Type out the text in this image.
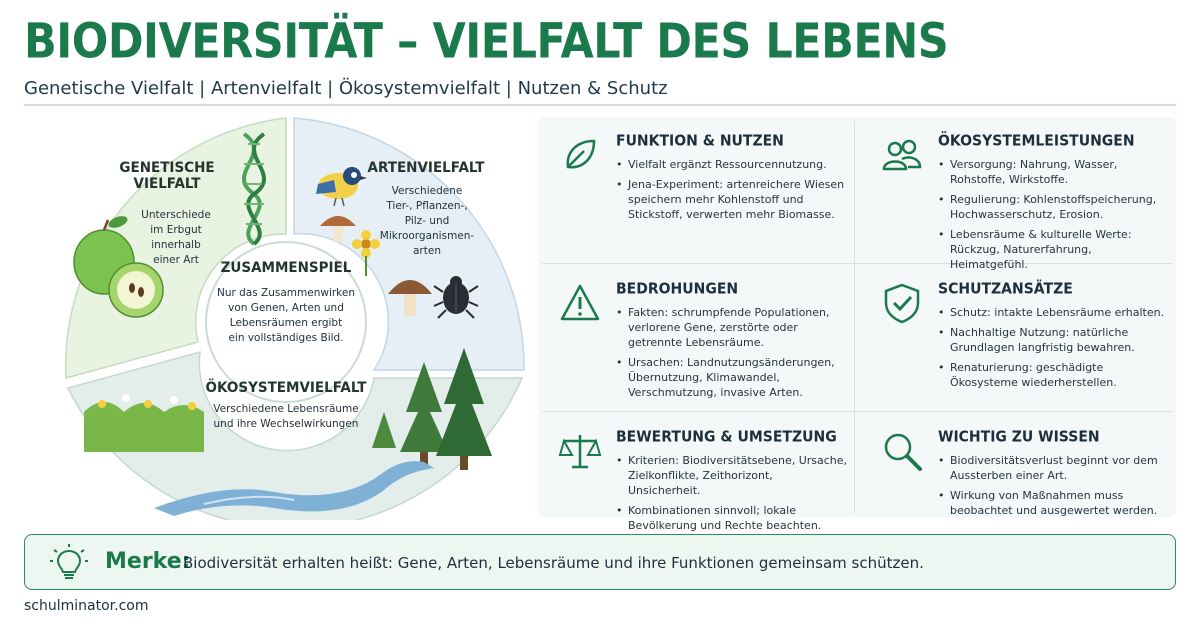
BIODIVERSITÄT – VIELFALT DES LEBENS
Genetische Vielfalt | Artenvielfalt | Ökosystemvielfalt | Nutzen & Schutz
GENETISCHE
VIELFALT
Unterschiede
im Erbgut
innerhalb
einer Art
ARTENVIELFALT
Verschiedene
Tier-, Pflanzen-,
Pilz- und
Mikroorganismen-
arten
ZUSAMMENSPIEL
Nur das Zusammenwirken
von Genen, Arten und
Lebensräumen ergibt
ein vollständiges Bild.
ÖKOSYSTEMVIELFALT
Verschiedene Lebensräume
und ihre Wechselwirkungen
FUNKTION & NUTZEN
• Vielfalt ergänzt Ressourcennutzung.
• Jena-Experiment: artenreichere Wiesen speichern mehr Kohlenstoff und Stickstoff, verwerten mehr Biomasse.
ÖKOSYSTEMLEISTUNGEN
• Versorgung: Nahrung, Wasser, Rohstoffe, Wirkstoffe.
• Regulierung: Kohlenstoffspeicherung, Hochwasserschutz, Erosion.
• Lebensräume & kulturelle Werte: Rückzug, Naturerfahrung, Heimatgefühl.
BEDROHUNGEN
• Fakten: schrumpfende Populationen, verlorene Gene, zerstörte oder getrennte Lebensräume.
• Ursachen: Landnutzungsänderungen, Übernutzung, Klimawandel, Verschmutzung, invasive Arten.
SCHUTZANSÄTZE
• Schutz: intakte Lebensräume erhalten.
• Nachhaltige Nutzung: natürliche Grundlagen langfristig bewahren.
• Renaturierung: geschädigte Ökosysteme wiederherstellen.
BEWERTUNG & UMSETZUNG
• Kriterien: Biodiversitätsebene, Ursache, Zielkonflikte, Zeithorizont, Unsicherheit.
• Kombinationen sinnvoll; lokale Bevölkerung und Rechte beachten.
WICHTIG ZU WISSEN
• Biodiversitätsverlust beginnt vor dem Aussterben einer Art.
• Wirkung von Maßnahmen muss beobachtet und ausgewertet werden.
Merke:
Biodiversität erhalten heißt: Gene, Arten, Lebensräume und ihre Funktionen gemeinsam schützen.
schulminator.com
